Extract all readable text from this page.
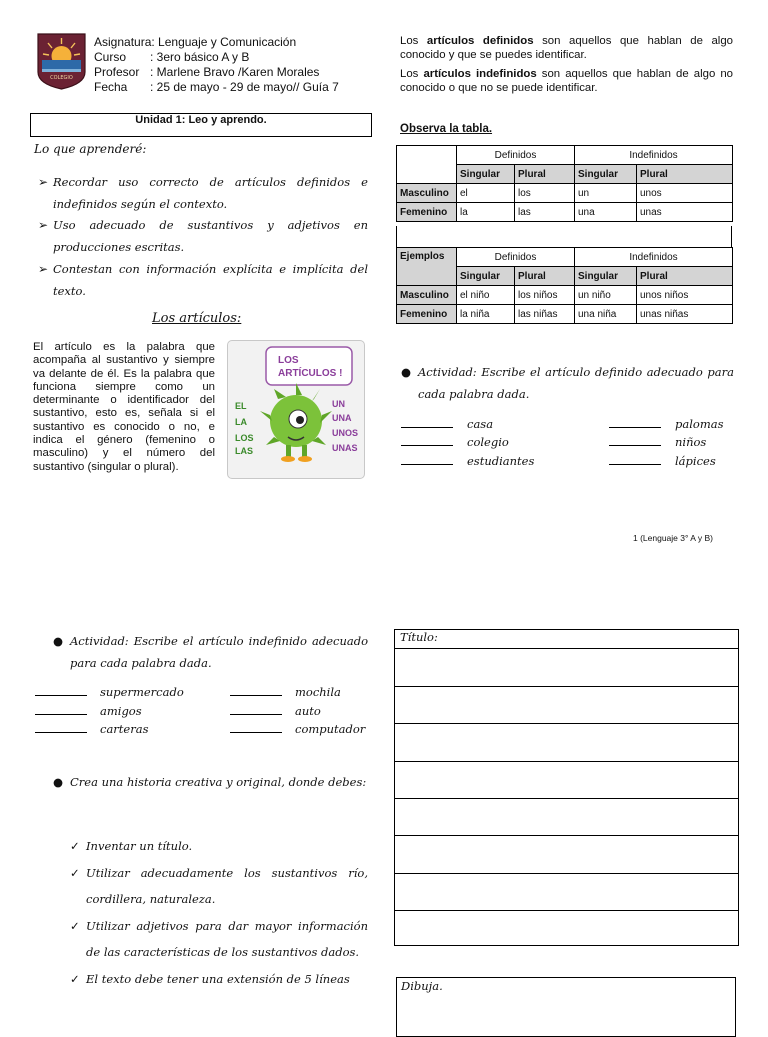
COLEGIO
Asignatura:
Lenguaje y Comunicación
Curso	: 3ero básico A y B
Profesor : Marlene Bravo /Karen Morales
Fecha	: 25 de mayo - 29 de mayo// Guía 7
Unidad 1: Leo y aprendo.
Lo que aprenderé:
➢ Recordar uso correcto de artículos definidos e indefinidos según el contexto.
➢ Uso adecuado de sustantivos y adjetivos en producciones escritas.
➢ Contestan con información explícita e implícita del texto.
Los artículos:
El artículo es la palabra que acompaña al sustantivo y siempre va delante de él. Es la palabra que funciona siempre como un determinante o identificador del sustantivo, esto es, señala si el sustantivo es conocido o no, e indica el género (femenino o masculino) y el número del sustantivo (singular o plural).
LOS
ARTÍCULOS !
EL
LA
LOS
LAS
UN
UNA
UNOS
UNAS
Los artículos definidos son aquellos que hablan de algo conocido y que se puedes identificar.
Los artículos indefinidos son aquellos que hablan de algo no conocido o que no se puede identificar.
Observa la tabla.
	Definidos		Indefinidos	
	Singular	Plural	Singular	Plural
Masculino	el	los	un	unos
Femenino	la	las	una	unas
Ejemplos	Definidos		Indefinidos	
	Singular	Plural	Singular	Plural
Masculino	el niño	los niños	un niño	unos niños
Femenino	la niña	las niñas	una niña	unas niñas
● Actividad: Escribe el artículo definido adecuado para cada palabra dada.
casa	palomas
colegio	niños
estudiantes	lápices
1 (Lenguaje 3° A y B)
● Actividad: Escribe el artículo indefinido adecuado para cada palabra dada.
supermercado	mochila
amigos	auto
carteras	computador
● Crea una historia creativa y original, donde debes:
✓ Inventar un título.
✓ Utilizar adecuadamente los sustantivos río, cordillera, naturaleza.
✓ Utilizar adjetivos para dar mayor información de las características de los sustantivos dados.
✓ El texto debe tener una extensión de 5 líneas
Título:
Dibuja.
